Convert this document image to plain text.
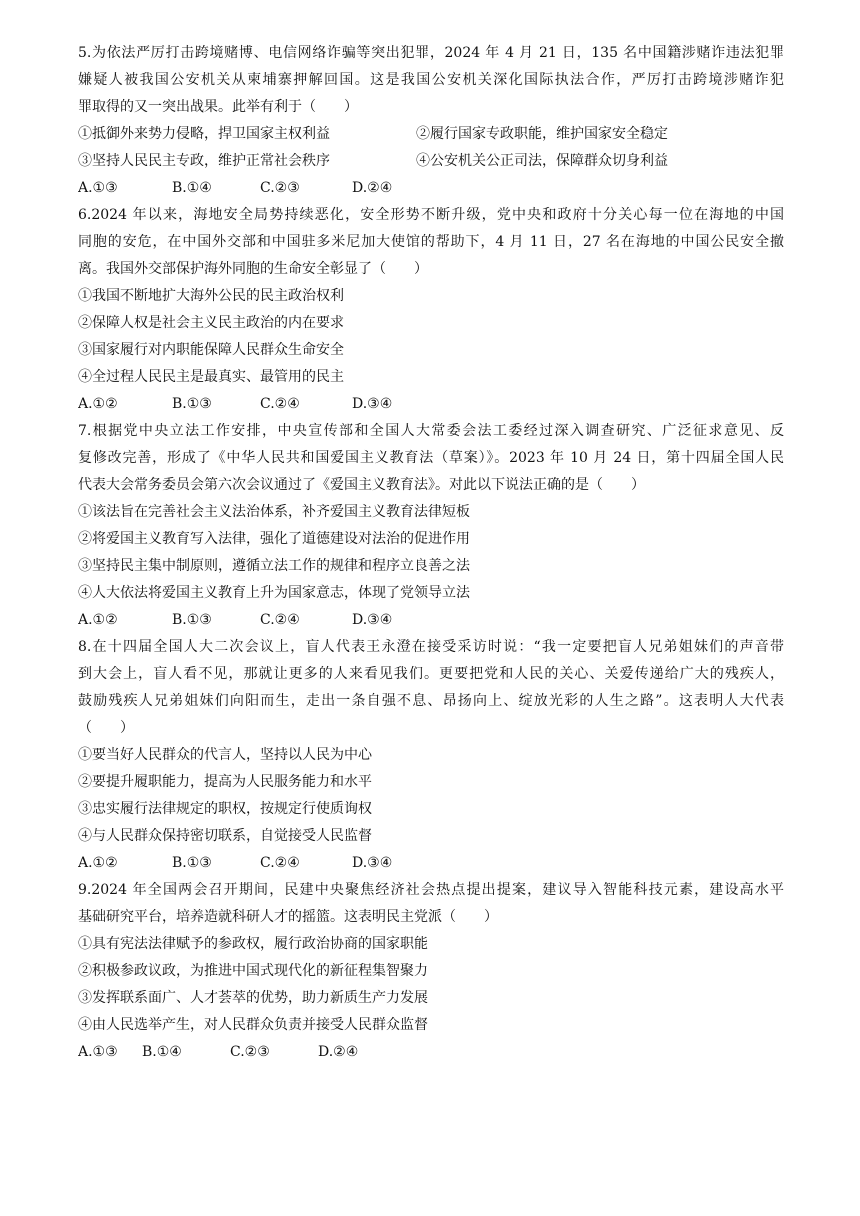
5.为依法严厉打击跨境赌博、电信网络诈骗等突出犯罪，2024 年 4 月 21 日，135 名中国籍涉赌诈违法犯罪
嫌疑人被我国公安机关从柬埔寨押解回国。这是我国公安机关深化国际执法合作，严厉打击跨境涉赌诈犯
罪取得的又一突出战果。此举有利于（　　）
①抵御外来势力侵略，捍卫国家主权利益	②履行国家专政职能，维护国家安全稳定
③坚持人民民主专政，维护正常社会秩序	④公安机关公正司法，保障群众切身利益
A.①③	B.①④	C.②③	D.②④
6.2024 年以来，海地安全局势持续恶化，安全形势不断升级，党中央和政府十分关心每一位在海地的中国
同胞的安危，在中国外交部和中国驻多米尼加大使馆的帮助下，4 月 11 日，27 名在海地的中国公民安全撤
离。我国外交部保护海外同胞的生命安全彰显了（　　）
①我国不断地扩大海外公民的民主政治权利
②保障人权是社会主义民主政治的内在要求
③国家履行对内职能保障人民群众生命安全
④全过程人民民主是最真实、最管用的民主
A.①②	B.①③	C.②④	D.③④
7.根据党中央立法工作安排，中央宣传部和全国人大常委会法工委经过深入调查研究、广泛征求意见、反
复修改完善，形成了《中华人民共和国爱国主义教育法（草案）》。2023 年 10 月 24 日，第十四届全国人民
代表大会常务委员会第六次会议通过了《爱国主义教育法》。对此以下说法正确的是（　　）
①该法旨在完善社会主义法治体系，补齐爱国主义教育法律短板
②将爱国主义教育写入法律，强化了道德建设对法治的促进作用
③坚持民主集中制原则，遵循立法工作的规律和程序立良善之法
④人大依法将爱国主义教育上升为国家意志，体现了党领导立法
A.①②	B.①③	C.②④	D.③④
8.在十四届全国人大二次会议上，盲人代表王永澄在接受采访时说：“我一定要把盲人兄弟姐妹们的声音带
到大会上，盲人看不见，那就让更多的人来看见我们。更要把党和人民的关心、关爱传递给广大的残疾人，
鼓励残疾人兄弟姐妹们向阳而生，走出一条自强不息、昂扬向上、绽放光彩的人生之路”。这表明人大代表
（　　）
①要当好人民群众的代言人，坚持以人民为中心
②要提升履职能力，提高为人民服务能力和水平
③忠实履行法律规定的职权，按规定行使质询权
④与人民群众保持密切联系，自觉接受人民监督
A.①②	B.①③	C.②④	D.③④
9.2024 年全国两会召开期间，民建中央聚焦经济社会热点提出提案，建议导入智能科技元素，建设高水平
基础研究平台，培养造就科研人才的摇篮。这表明民主党派（　　）
①具有宪法法律赋予的参政权，履行政治协商的国家职能
②积极参政议政，为推进中国式现代化的新征程集智聚力
③发挥联系面广、人才荟萃的优势，助力新质生产力发展
④由人民选举产生，对人民群众负责并接受人民群众监督
A.①③	B.①④	C.②③	D.②④
